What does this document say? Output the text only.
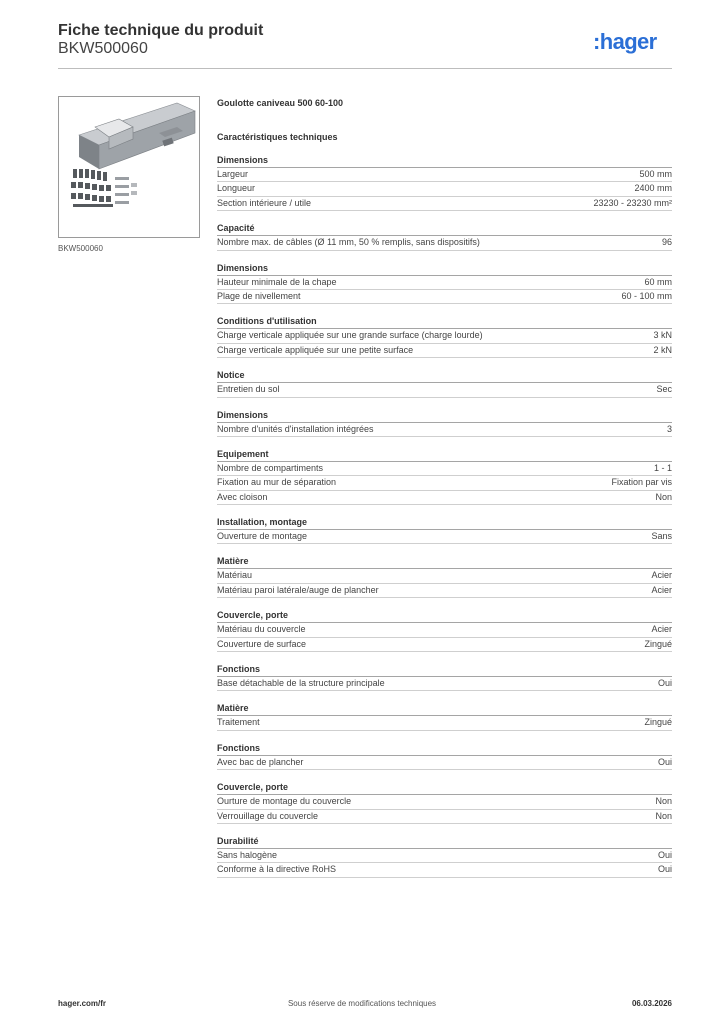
Fiche technique du produit
BKW500060	:hager
BKW500060
Goulotte caniveau 500 60-100
Caractéristiques techniques
Dimensions
Largeur	500 mm
Longueur	2400 mm
Section intérieure / utile	23230 - 23230 mm²
Capacité
Nombre max. de câbles (Ø 11 mm, 50 % remplis, sans dispositifs)	96
Dimensions
Hauteur minimale de la chape	60 mm
Plage de nivellement	60 - 100 mm
Conditions d'utilisation
Charge verticale appliquée sur une grande surface (charge lourde)	3 kN
Charge verticale appliquée sur une petite surface	2 kN
Notice
Entretien du sol	Sec
Dimensions
Nombre d'unités d'installation intégrées	3
Equipement
Nombre de compartiments	1 - 1
Fixation au mur de séparation	Fixation par vis
Avec cloison	Non
Installation, montage
Ouverture de montage	Sans
Matière
Matériau	Acier
Matériau paroi latérale/auge de plancher	Acier
Couvercle, porte
Matériau du couvercle	Acier
Couverture de surface	Zingué
Fonctions
Base détachable de la structure principale	Oui
Matière
Traitement	Zingué
Fonctions
Avec bac de plancher	Oui
Couvercle, porte
Ourture de montage du couvercle	Non
Verrouillage du couvercle	Non
Durabilité
Sans halogène	Oui
Conforme à la directive RoHS	Oui
hager.com/fr	Sous réserve de modifications techniques	06.03.2026
